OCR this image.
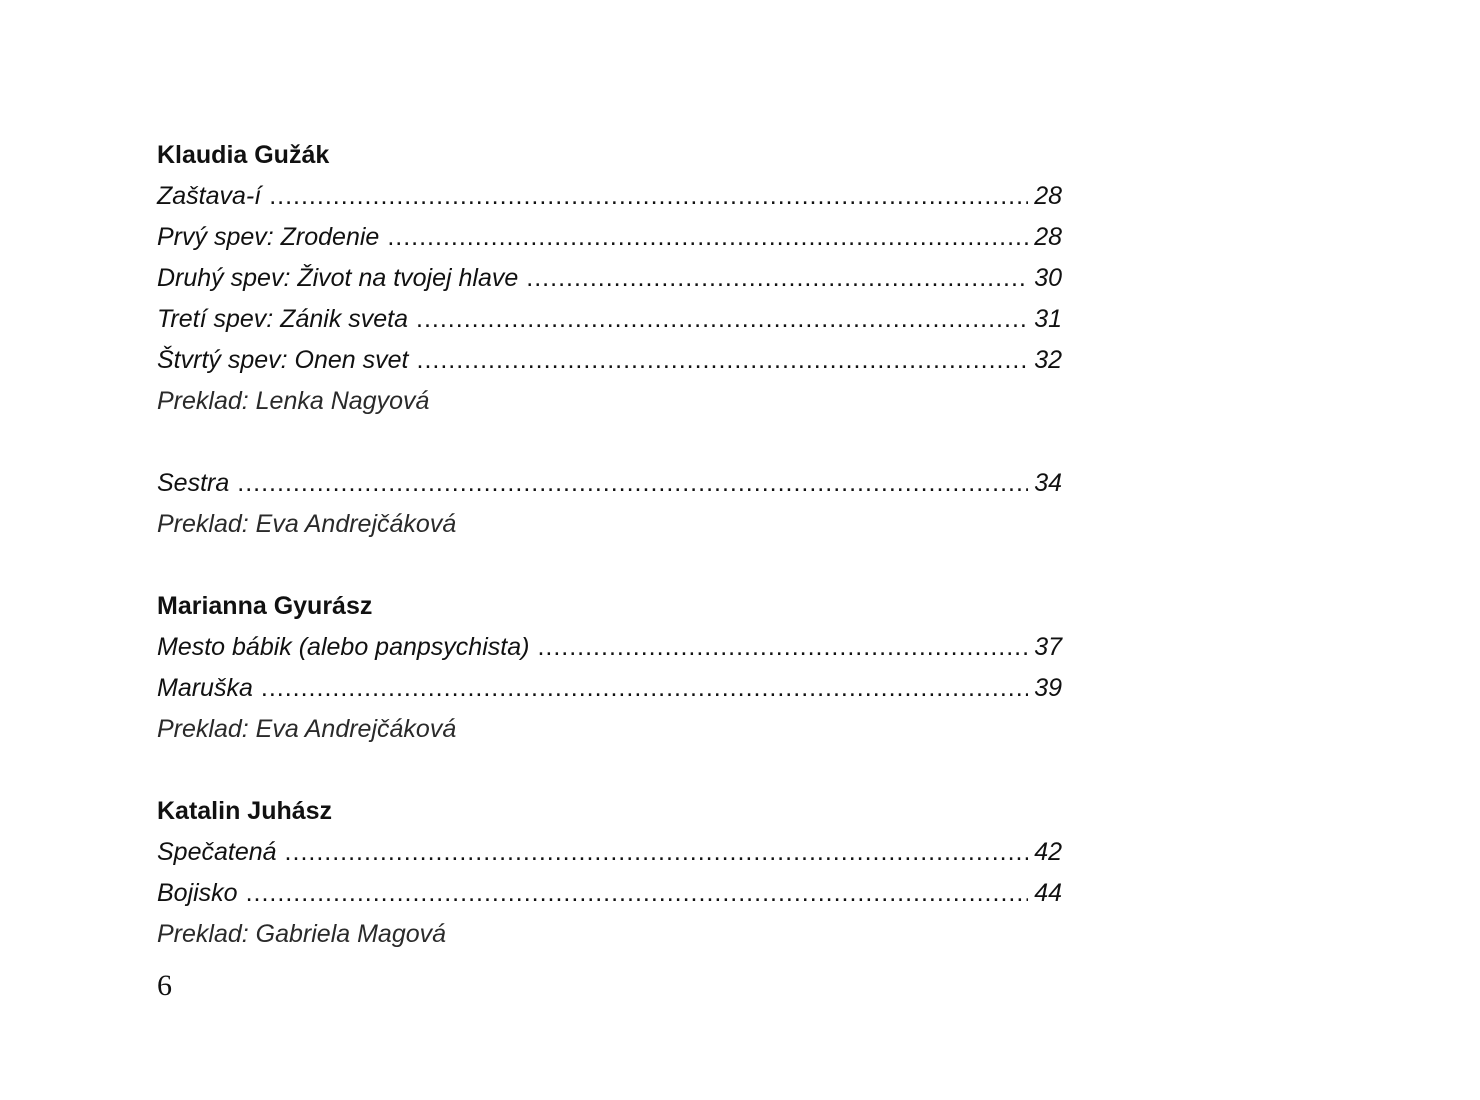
Klaudia Gužák
Zaštava-í .....	28
Prvý spev: Zrodenie .....	28
Druhý spev: Život na tvojej hlave .....	30
Tretí spev: Zánik sveta .....	31
Štvrtý spev: Onen svet .....	32
Preklad: Lenka Nagyová
Sestra .....	34
Preklad: Eva Andrejčáková
Marianna Gyurász
Mesto bábik (alebo panpsychista) .....	37
Maruška .....	39
Preklad: Eva Andrejčáková
Katalin Juhász
Spečatená .....	42
Bojisko .....	44
Preklad: Gabriela Magová
6
